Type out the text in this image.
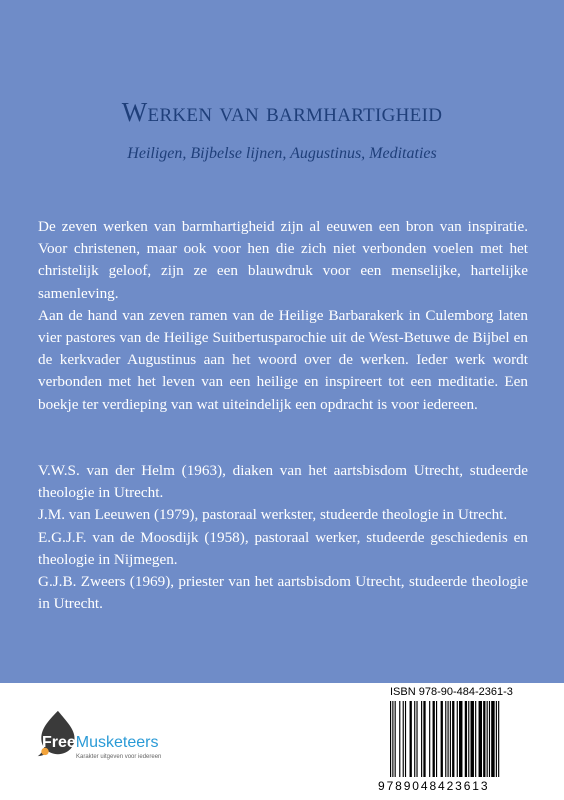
Werken van barmhartigheid
Heiligen, Bijbelse lijnen, Augustinus, Meditaties

De zeven werken van barmhartigheid zijn al eeuwen een bron van inspiratie. Voor christenen, maar ook voor hen die zich niet verbonden voelen met het christelijk geloof, zijn ze een blauwdruk voor een menselijke, hartelijke samenleving.

Aan de hand van zeven ramen van de Heilige Barbarakerk in Culemborg laten vier pastores van de Heilige Suitbertusparochie uit de West-Betuwe de Bijbel en de kerkvader Augustinus aan het woord over de werken. Ieder werk wordt verbonden met het leven van een heilige en inspireert tot een meditatie. Een boekje ter verdieping van wat uiteindelijk een opdracht is voor iedereen.

V.W.S. van der Helm (1963), diaken van het aartsbisdom Utrecht, studeerde theologie in Utrecht.

J.M. van Leeuwen (1979), pastoraal werkster, studeerde theologie in Utrecht.

E.G.J.F. van de Moosdijk (1958), pastoraal werker, studeerde geschiedenis en theologie in Nijmegen.

G.J.B. Zweers (1969), priester van het aartsbisdom Utrecht, studeerde theologie in Utrecht.

FreeMusketeers
Karakter uitgeven voor iedereen
ISBN 978-90-484-2361-3
9789048423613
